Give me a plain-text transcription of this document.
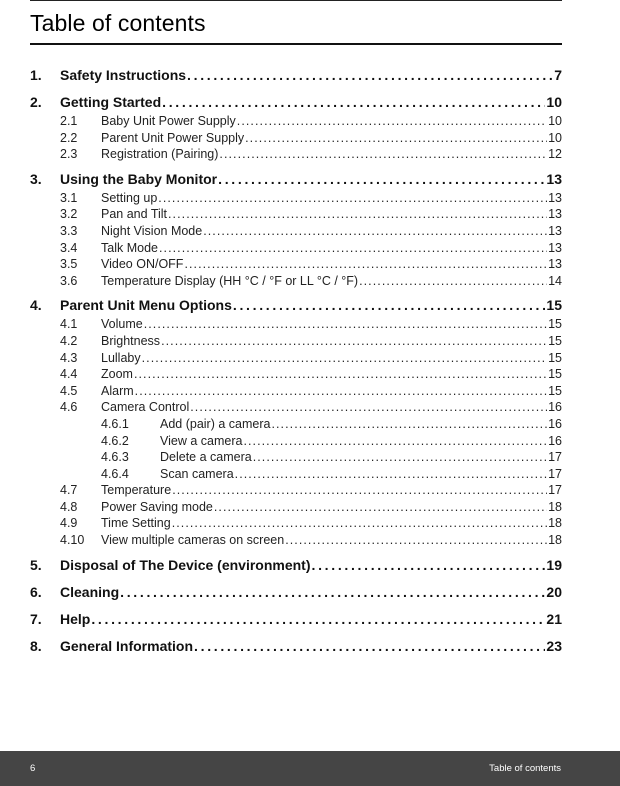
Table of contents
1.	Safety Instructions . . .	7
2.	Getting Started . . .	10
2.1	Baby Unit Power Supply . . .	10
2.2	Parent Unit Power Supply . . .	10
2.3	Registration (Pairing) . . .	12
3.	Using the Baby Monitor . . .	13
3.1	Setting up . . .	13
3.2	Pan and Tilt . . .	13
3.3	Night Vision Mode . . .	13
3.4	Talk Mode . . .	13
3.5	Video ON/OFF . . .	13
3.6	Temperature Display (HH °C / °F or LL °C / °F) . . .	14
4.	Parent Unit Menu Options . . .	15
4.1	Volume . . .	15
4.2	Brightness . . .	15
4.3	Lullaby . . .	15
4.4	Zoom . . .	15
4.5	Alarm . . .	15
4.6	Camera Control . . .	16
4.6.1	Add (pair) a camera . . .	16
4.6.2	View a camera . . .	16
4.6.3	Delete a camera . . .	17
4.6.4	Scan camera . . .	17
4.7	Temperature . . .	17
4.8	Power Saving mode . . .	18
4.9	Time Setting . . .	18
4.10	View multiple cameras on screen . . .	18
5.	Disposal of The Device (environment) . . .	19
6.	Cleaning . . .	20
7.	Help . . .	21
8.	General Information . . .	23
6	Table of contents
